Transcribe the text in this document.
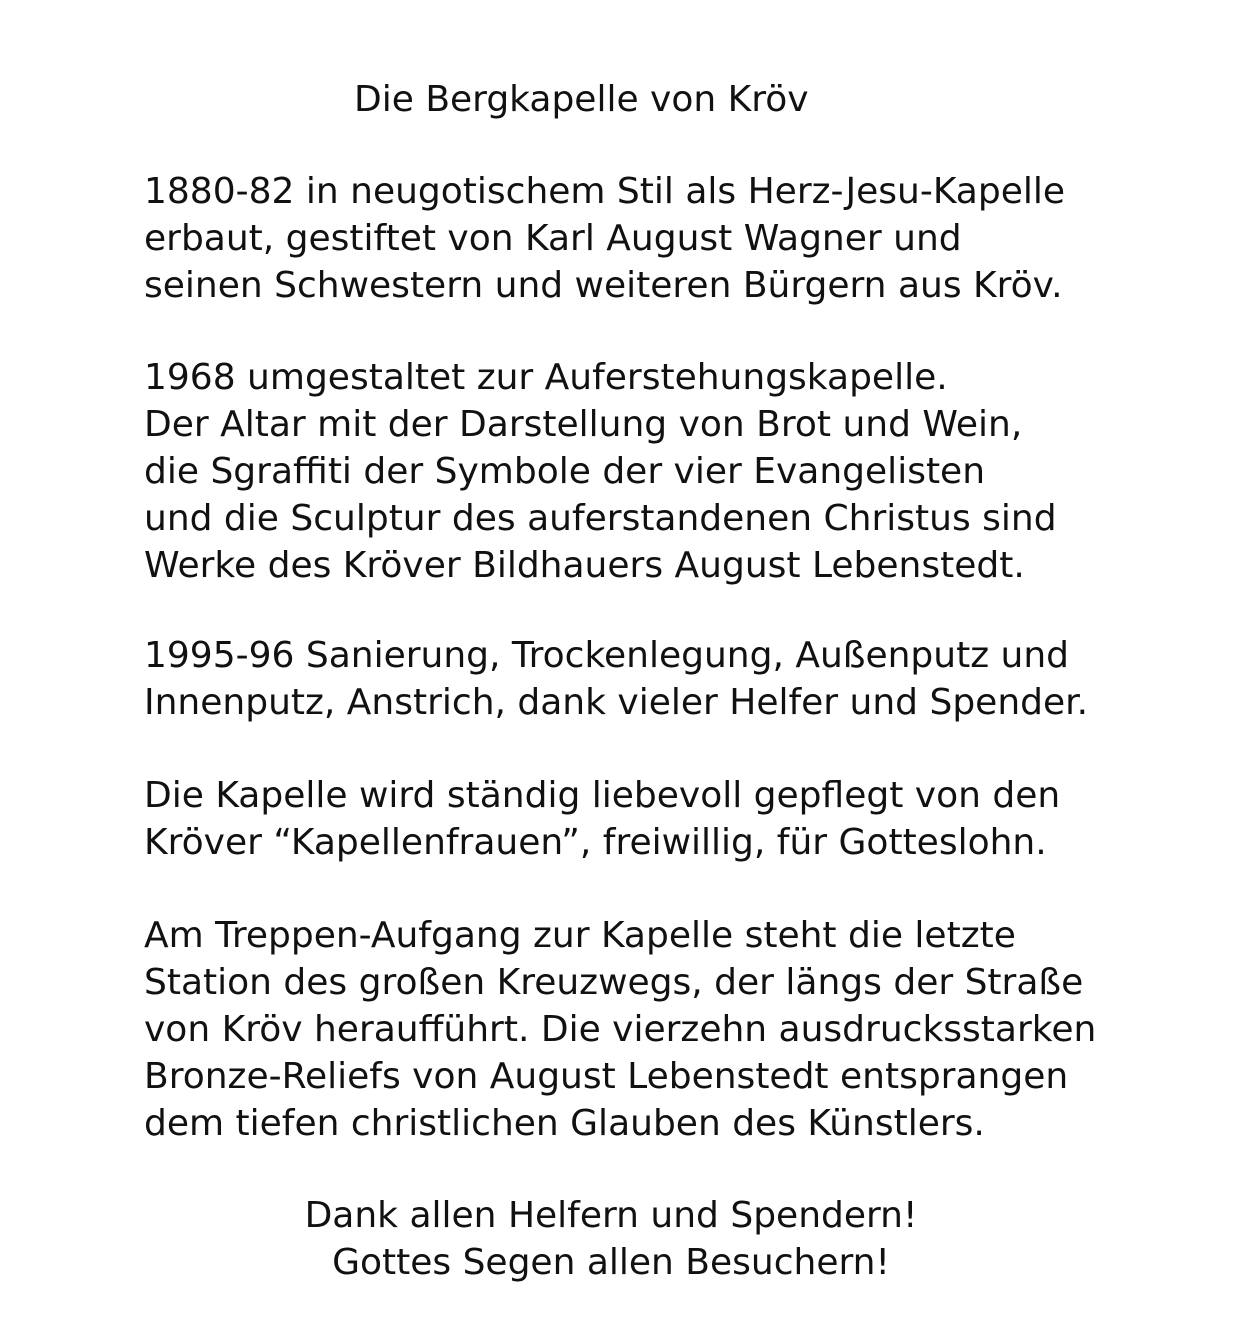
Die Bergkapelle von Kröv

1880-82 in neugotischem Stil als Herz-Jesu-Kapelle
erbaut, gestiftet von Karl August Wagner und
seinen Schwestern und weiteren Bürgern aus Kröv.

1968 umgestaltet zur Auferstehungskapelle.
Der Altar mit der Darstellung von Brot und Wein,
die Sgraffiti der Symbole der vier Evangelisten
und die Sculptur des auferstandenen Christus sind
Werke des Kröver Bildhauers August Lebenstedt.

1995-96 Sanierung, Trockenlegung, Außenputz und
Innenputz, Anstrich, dank vieler Helfer und Spender.

Die Kapelle wird ständig liebevoll gepflegt von den
Kröver “Kapellenfrauen”, freiwillig, für Gotteslohn.

Am Treppen-Aufgang zur Kapelle steht die letzte
Station des großen Kreuzwegs, der längs der Straße
von Kröv heraufführt. Die vierzehn ausdrucksstarken
Bronze-Reliefs von August Lebenstedt entsprangen
dem tiefen christlichen Glauben des Künstlers.

Dank allen Helfern und Spendern!
Gottes Segen allen Besuchern!
